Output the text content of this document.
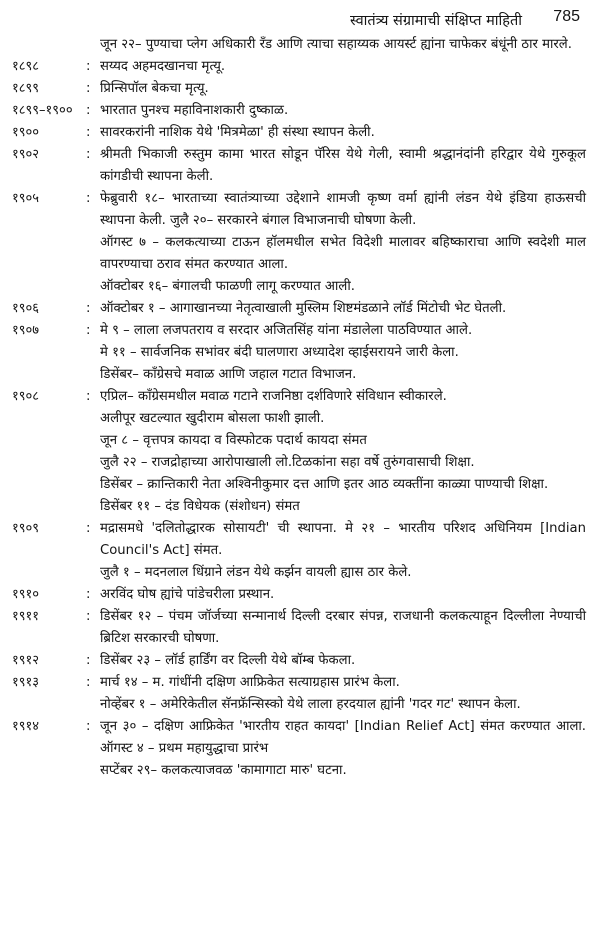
स्वातंत्र्य संग्रामाची संक्षिप्त माहिती 785
जून २२– पुण्याचा प्लेग अधिकारी रँड आणि त्याचा सहाय्यक आयर्स्ट ह्यांना चाफेकर बंधूंनी ठार मारले.
१८९८	: सय्यद अहमदखानचा मृत्यू.
१८९९	: प्रिन्सिपॉल बेकचा मृत्यू.
१८९९–१९००	: भारतात पुनश्च महाविनाशकारी दुष्काळ.
१९००	: सावरकरांनी नाशिक येथे 'मित्रमेळा' ही संस्था स्थापन केली.
१९०२	: श्रीमती भिकाजी रुस्तुम कामा भारत सोडून पॅरिस येथे गेली, स्वामी श्रद्धानंदांनी हरिद्वार येथे गुरुकूल कांगडीची स्थापना केली.
१९०५	: फेब्रुवारी १८– भारताच्या स्वातंत्र्याच्या उद्देशाने शामजी कृष्ण वर्मा ह्यांनी लंडन येथे इंडिया हाऊसची स्थापना केली. जुलै २०– सरकारने बंगाल विभाजनाची घोषणा केली.
ऑगस्ट ७ – कलकत्याच्या टाऊन हॉलमधील सभेत विदेशी मालावर बहिष्काराचा आणि स्वदेशी माल वापरण्याचा ठराव संमत करण्यात आला.
ऑक्टोबर १६– बंगालची फाळणी लागू करण्यात आली.
१९०६	: ऑक्टोबर १ – आगाखानच्या नेतृत्वाखाली मुस्लिम शिष्टमंडळाने लॉर्ड मिंटोची भेट घेतली.
१९०७	: मे ९ – लाला लजपतराय व सरदार अजितसिंह यांना मंडालेला पाठविण्यात आले.
मे ११ – सार्वजनिक सभांवर बंदी घालणारा अध्यादेश व्हाईसरायने जारी केला.
डिसेंबर– काँग्रेसचे मवाळ आणि जहाल गटात विभाजन.
१९०८	: एप्रिल– काँग्रेसमधील मवाळ गटाने राजनिष्ठा दर्शविणारे संविधान स्वीकारले.
अलीपूर खटल्यात खुदीराम बोसला फाशी झाली.
जून ८ – वृत्तपत्र कायदा व विस्फोटक पदार्थ कायदा संमत
जुलै २२ – राजद्रोहाच्या आरोपाखाली लो.टिळकांना सहा वर्षे तुरुंगवासाची शिक्षा.
डिसेंबर – क्रान्तिकारी नेता अश्विनीकुमार दत्त आणि इतर आठ व्यक्तींना काळ्या पाण्याची शिक्षा.
डिसेंबर ११ – दंड विधेयक (संशोधन) संमत
१९०९	: मद्रासमधे 'दलितोद्धारक सोसायटी' ची स्थापना. मे २१ – भारतीय परिशद अधिनियम [Indian Council's Act] संमत.
जुलै १ – मदनलाल धिंग्राने लंडन येथे कर्झन वायली ह्यास ठार केले.
१९१०	: अरविंद घोष ह्यांचे पांडेचरीला प्रस्थान.
१९११	: डिसेंबर १२ – पंचम जॉर्जच्या सन्मानार्थ दिल्ली दरबार संपन्न, राजधानी कलकत्याहून दिल्लीला नेण्याची ब्रिटिश सरकारची घोषणा.
१९१२	: डिसेंबर २३ – लॉर्ड हार्डिंग वर दिल्ली येथे बॉम्ब फेकला.
१९१३	: मार्च १४ – म. गांधींनी दक्षिण आफ्रिकेत सत्याग्रहास प्रारंभ केला.
नोव्हेंबर १ – अमेरिकेतील सॅनफ्रॅन्सिस्को येथे लाला हरदयाल ह्यांनी 'गदर गट' स्थापन केला.
१९१४	: जून ३० – दक्षिण आफ्रिकेत 'भारतीय राहत कायदा' [Indian Relief Act] संमत करण्यात आला. ऑगस्ट ४ – प्रथम महायुद्धाचा प्रारंभ
सप्टेंबर २९– कलकत्याजवळ 'कामागाटा मारु' घटना.
